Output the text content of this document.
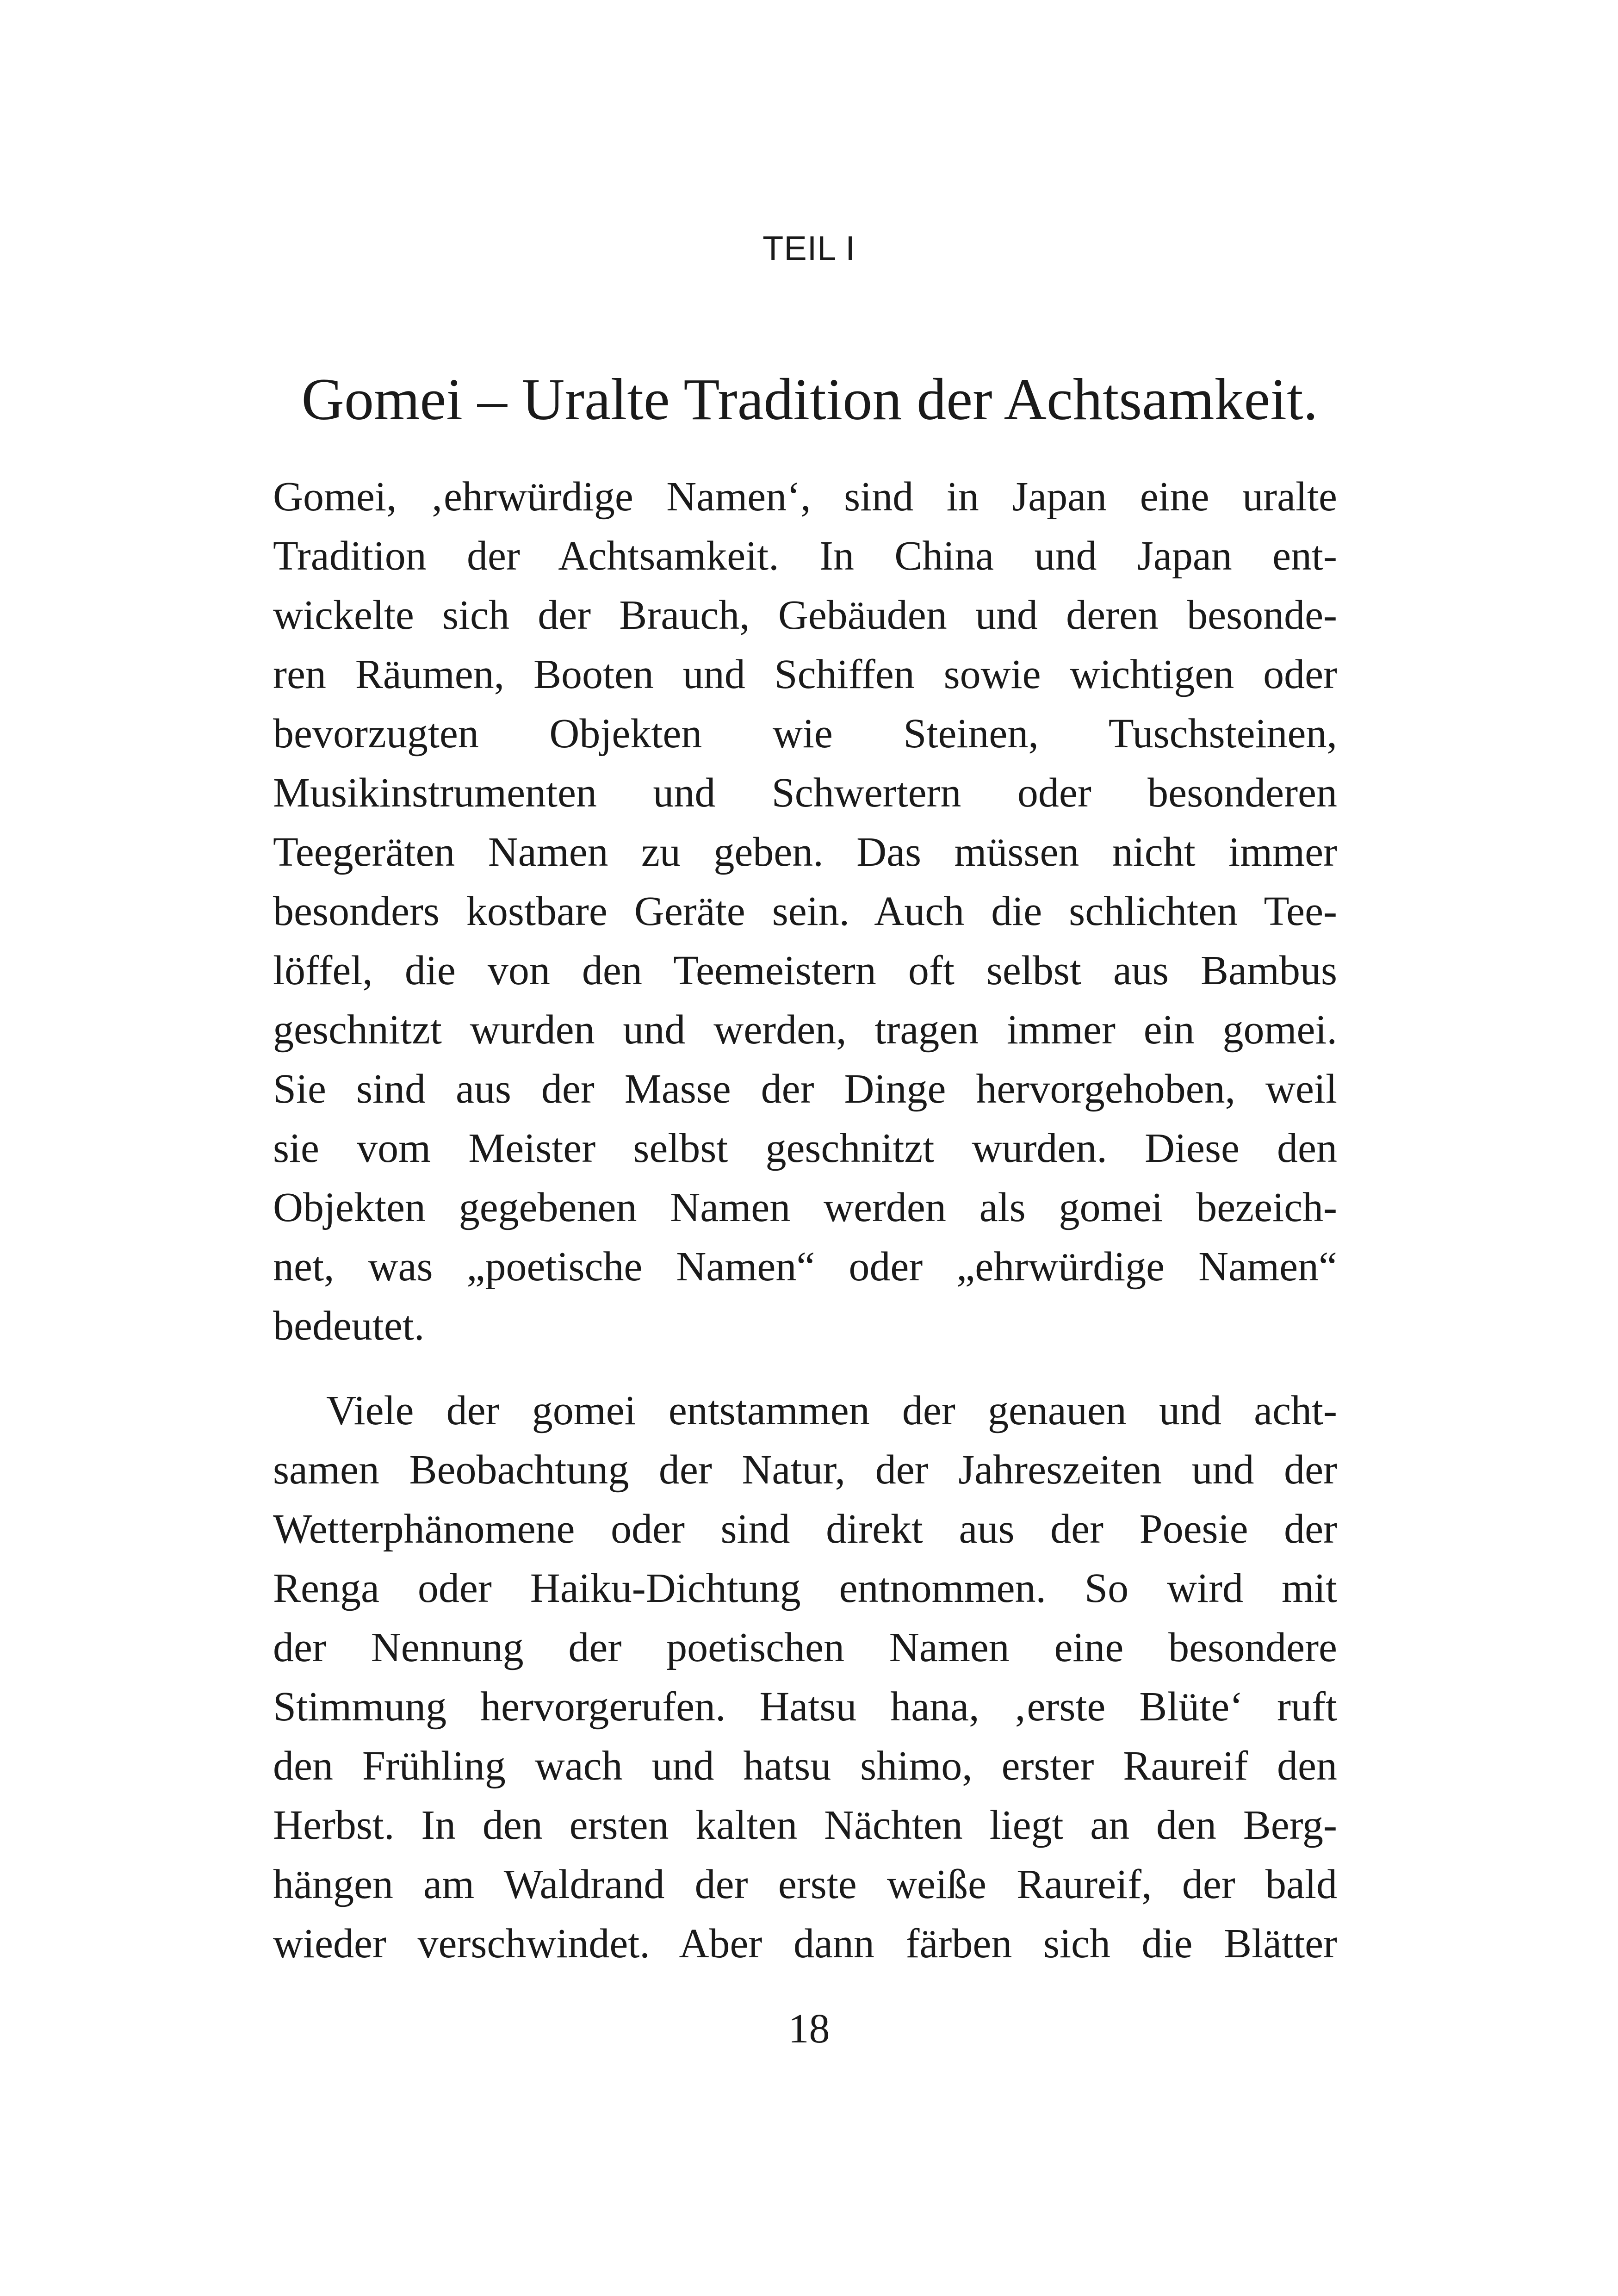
TEIL I
Gomei – Uralte Tradition der Achtsamkeit.
Gomei, ‚ehrwürdige Namen‘, sind in Japan eine uralte
Tradition der Achtsamkeit. In China und Japan ent-
wickelte sich der Brauch, Gebäuden und deren besonde-
ren Räumen, Booten und Schiffen sowie wichtigen oder
bevorzugten Objekten wie Steinen, Tuschsteinen,
Musikinstrumenten und Schwertern oder besonderen
Teegeräten Namen zu geben. Das müssen nicht immer
besonders kostbare Geräte sein. Auch die schlichten Tee-
löffel, die von den Teemeistern oft selbst aus Bambus
geschnitzt wurden und werden, tragen immer ein gomei.
Sie sind aus der Masse der Dinge hervorgehoben, weil
sie vom Meister selbst geschnitzt wurden. Diese den
Objekten gegebenen Namen werden als gomei bezeich-
net, was „poetische Namen“ oder „ehrwürdige Namen“
bedeutet.
Viele der gomei entstammen der genauen und acht-
samen Beobachtung der Natur, der Jahreszeiten und der
Wetterphänomene oder sind direkt aus der Poesie der
Renga oder Haiku-Dichtung entnommen. So wird mit
der Nennung der poetischen Namen eine besondere
Stimmung hervorgerufen. Hatsu hana, ‚erste Blüte‘ ruft
den Frühling wach und hatsu shimo, erster Raureif den
Herbst. In den ersten kalten Nächten liegt an den Berg-
hängen am Waldrand der erste weiße Raureif, der bald
wieder verschwindet. Aber dann färben sich die Blätter
18
